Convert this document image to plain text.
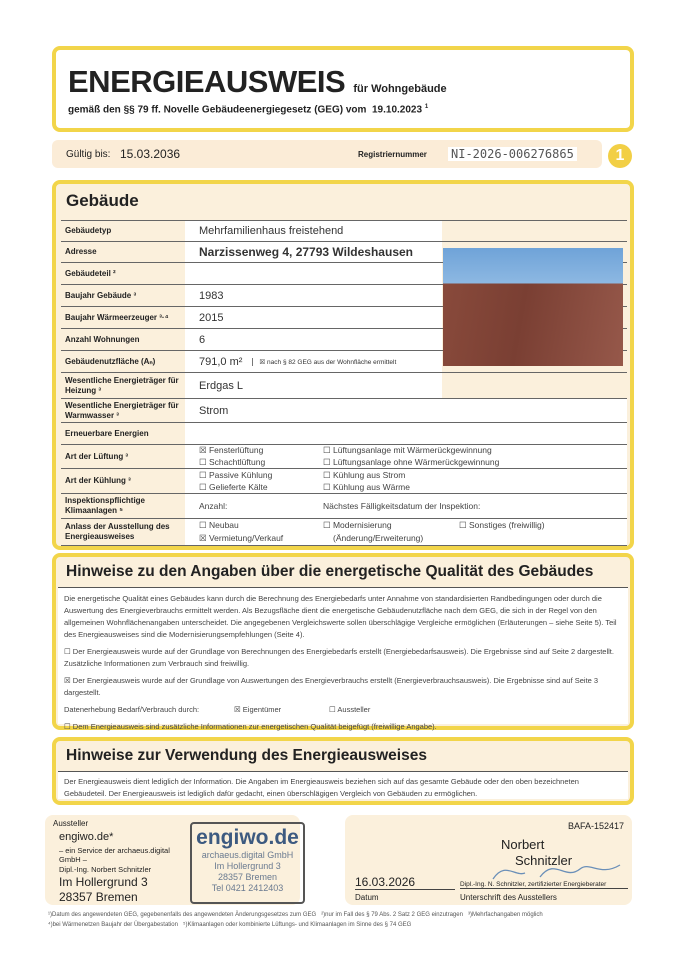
ENERGIEAUSWEIS für Wohngebäude
gemäß den §§ 79 ff. Novelle Gebäudeenergiegesetz (GEG) vom 19.10.2023 $^1$
Gültig bis: 15.03.2036	Registriernummer NI-2026-006276865	1
Gebäude
Gebäudetyp	Mehrfamilienhaus freistehend
Adresse	Narzissenweg 4, 27793 Wildeshausen
Gebäudeteil ²
Baujahr Gebäude ³	1983
Baujahr Wärmeerzeuger ³·⁴	2015
Anzahl Wohnungen	6
Gebäudenutzfläche (Aₙ)	791,0 m²	☒ nach § 82 GEG aus der Wohnfläche ermittelt
Wesentliche Energieträger für Heizung ³	Erdgas L
Wesentliche Energieträger für Warmwasser ³	Strom
Erneuerbare Energien
Art der Lüftung ³
☒ Fensterlüftung	☐ Lüftungsanlage mit Wärmerückgewinnung
☐ Schachtlüftung	☐ Lüftungsanlage ohne Wärmerückgewinnung
Art der Kühlung ³
☐ Passive Kühlung	☐ Kühlung aus Strom
☐ Gelieferte Kälte	☐ Kühlung aus Wärme
Inspektionspflichtige Klimaanlagen ⁵	Anzahl:	Nächstes Fälligkeitsdatum der Inspektion:
Anlass der Ausstellung des Energieausweises
☐ Neubau	☐ Modernisierung	☐ Sonstiges (freiwillig)
☒ Vermietung/Verkauf	(Änderung/Erweiterung)
Hinweise zu den Angaben über die energetische Qualität des Gebäudes

Die energetische Qualität eines Gebäudes kann durch die Berechnung des Energiebedarfs unter Annahme von standardisierten Randbedingungen oder durch die Auswertung des Energieverbrauchs ermittelt werden. Als Bezugsfläche dient die energetische Gebäudenutzfläche nach dem GEG, die sich in der Regel von den allgemeinen Wohnflächenangaben unterscheidet. Die angegebenen Vergleichswerte sollen überschlägige Vergleiche ermöglichen (Erläuterungen – siehe Seite 5). Teil des Energieausweises sind die Modernisierungsempfehlungen (Seite 4).

☐ Der Energieausweis wurde auf der Grundlage von Berechnungen des Energiebedarfs erstellt (Energiebedarfsausweis). Die Ergebnisse sind auf Seite 2 dargestellt. Zusätzliche Informationen zum Verbrauch sind freiwillig.

☒ Der Energieausweis wurde auf der Grundlage von Auswertungen des Energieverbrauchs erstellt (Energieverbrauchsausweis). Die Ergebnisse sind auf Seite 3 dargestellt.

Datenerhebung Bedarf/Verbrauch durch:	☒ Eigentümer	☐ Aussteller

☐ Dem Energieausweis sind zusätzliche Informationen zur energetischen Qualität beigefügt (freiwillige Angabe).

Hinweise zur Verwendung des Energieausweises

Der Energieausweis dient lediglich der Information. Die Angaben im Energieausweis beziehen sich auf das gesamte Gebäude oder den oben bezeichneten Gebäudeteil. Der Energieausweis ist lediglich dafür gedacht, einen überschlägigen Vergleich von Gebäuden zu ermöglichen.

Aussteller
engiwo.de*
– ein Service der archaeus.digital GmbH –
Dipl.-Ing. Norbert Schnitzler
Im Hollergrund 3
28357 Bremen
engiwo.de
archaeus.digital GmbH
Im Hollergrund 3
28357 Bremen
Tel 0421 2412403
BAFA-152417
Norbert
Schnitzler
16.03.2026
Datum
Dipl.-Ing. N. Schnitzler, zertifizierter Energieberater
Unterschrift des Ausstellers
¹)Datum des angewendeten GEG, gegebenenfalls des angewendeten Änderungsgesetzes zum GEG ²)nur im Fall des § 79 Abs. 2 Satz 2 GEG einzutragen ³)Mehrfachangaben möglich
⁴)bei Wärmenetzen Baujahr der Übergabestation ⁵)Klimaanlagen oder kombinierte Lüftungs- und Klimaanlagen im Sinne des § 74 GEG
